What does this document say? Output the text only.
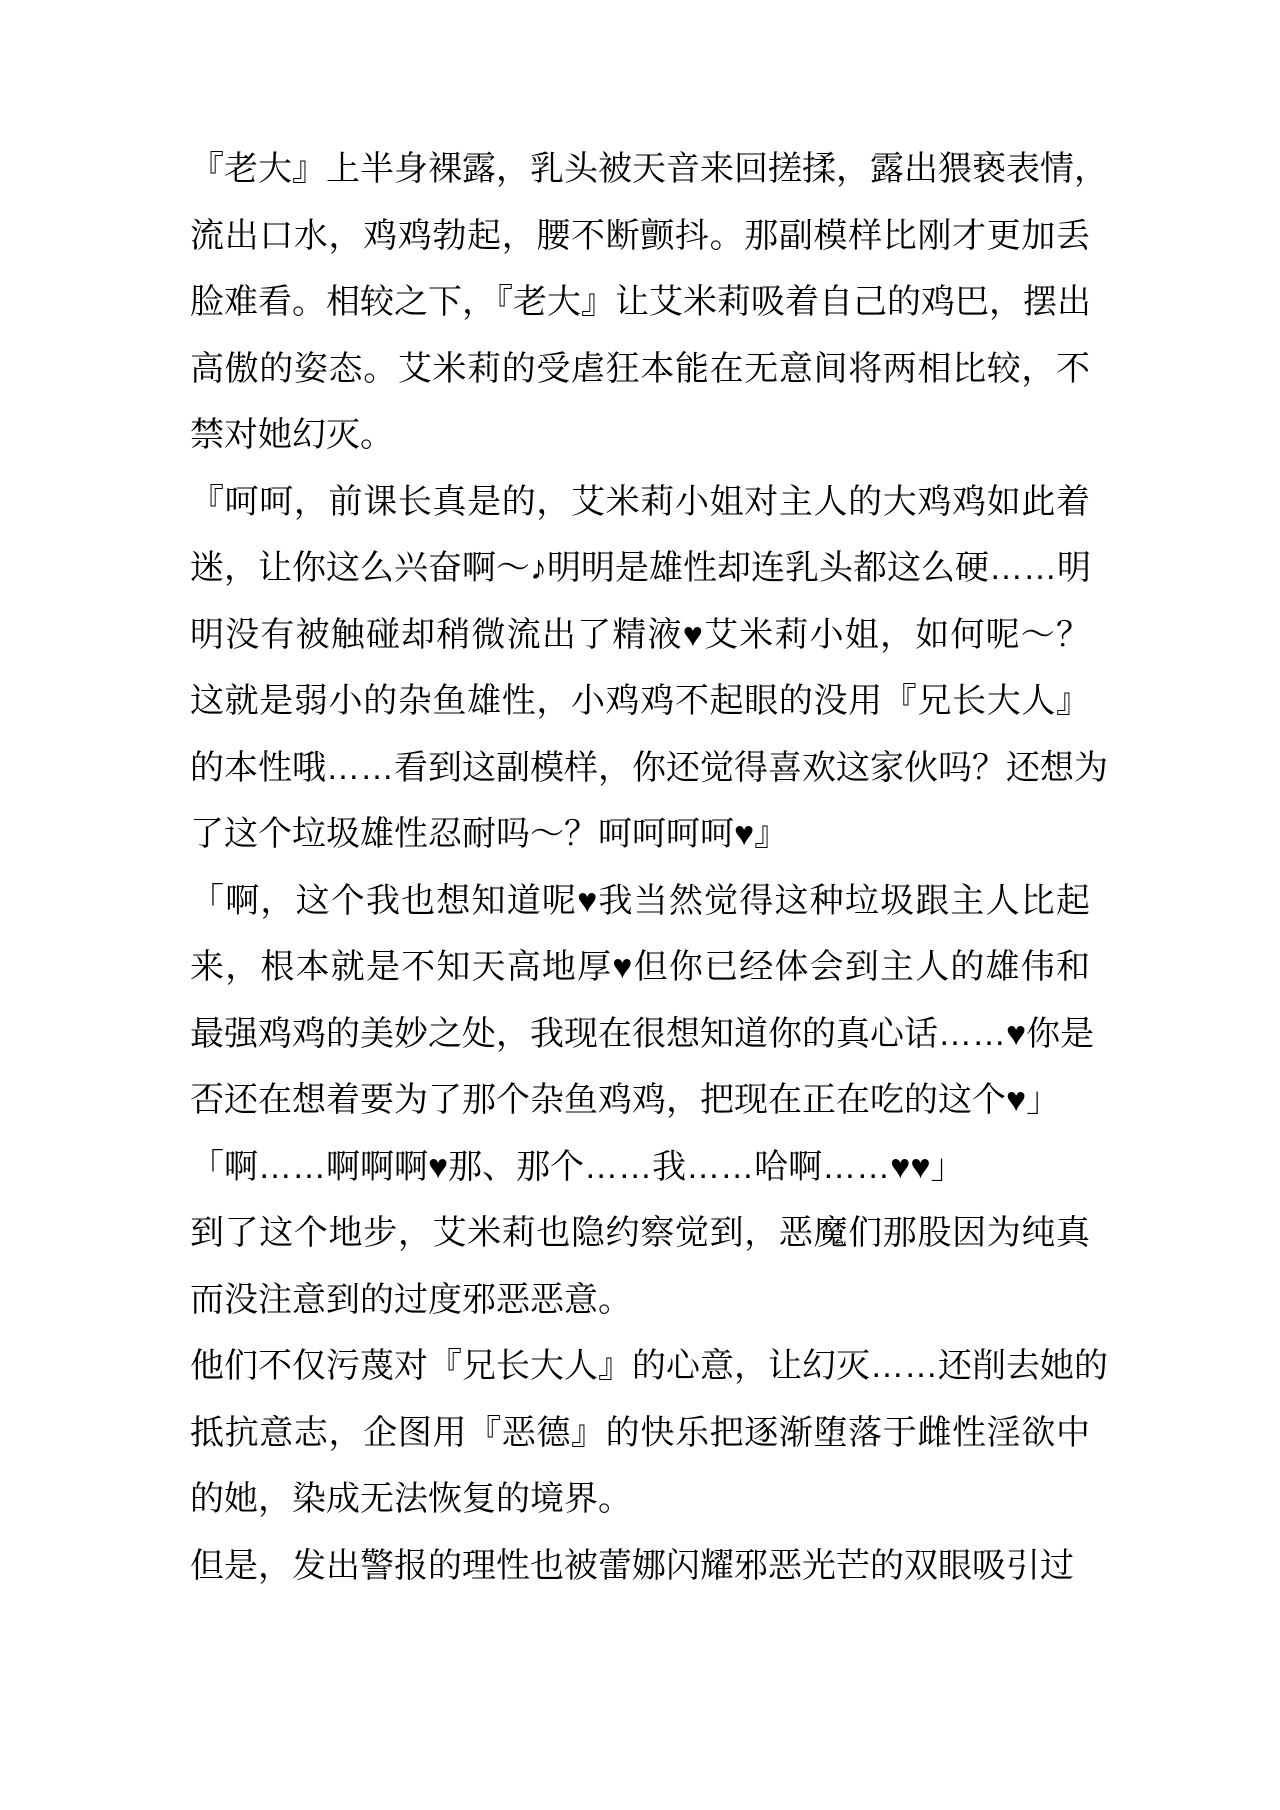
『老大』上半身裸露，乳头被天音来回搓揉，露出猥亵表情，
流出口水，鸡鸡勃起，腰不断颤抖。那副模样比刚才更加丢
脸难看。相较之下，『老大』让艾米莉吸着自己的鸡巴，摆出
高傲的姿态。艾米莉的受虐狂本能在无意间将两相比较，不
禁对她幻灭。
『呵呵，前课长真是的，艾米莉小姐对主人的大鸡鸡如此着
迷，让你这么兴奋啊～♪明明是雄性却连乳头都这么硬……明
明没有被触碰却稍微流出了精液♥艾米莉小姐，如何呢～？
这就是弱小的杂鱼雄性，小鸡鸡不起眼的没用『兄长大人』
的本性哦……看到这副模样，你还觉得喜欢这家伙吗？还想为
了这个垃圾雄性忍耐吗～？呵呵呵呵♥』
「啊，这个我也想知道呢♥我当然觉得这种垃圾跟主人比起
来，根本就是不知天高地厚♥但你已经体会到主人的雄伟和
最强鸡鸡的美妙之处，我现在很想知道你的真心话……♥你是
否还在想着要为了那个杂鱼鸡鸡，把现在正在吃的这个♥」
「啊……啊啊啊♥那、那个……我……哈啊……♥♥」
到了这个地步，艾米莉也隐约察觉到，恶魔们那股因为纯真
而没注意到的过度邪恶恶意。
他们不仅污蔑对『兄长大人』的心意，让幻灭……还削去她的
抵抗意志，企图用『恶德』的快乐把逐渐堕落于雌性淫欲中
的她，染成无法恢复的境界。
但是，发出警报的理性也被蕾娜闪耀邪恶光芒的双眼吸引过
